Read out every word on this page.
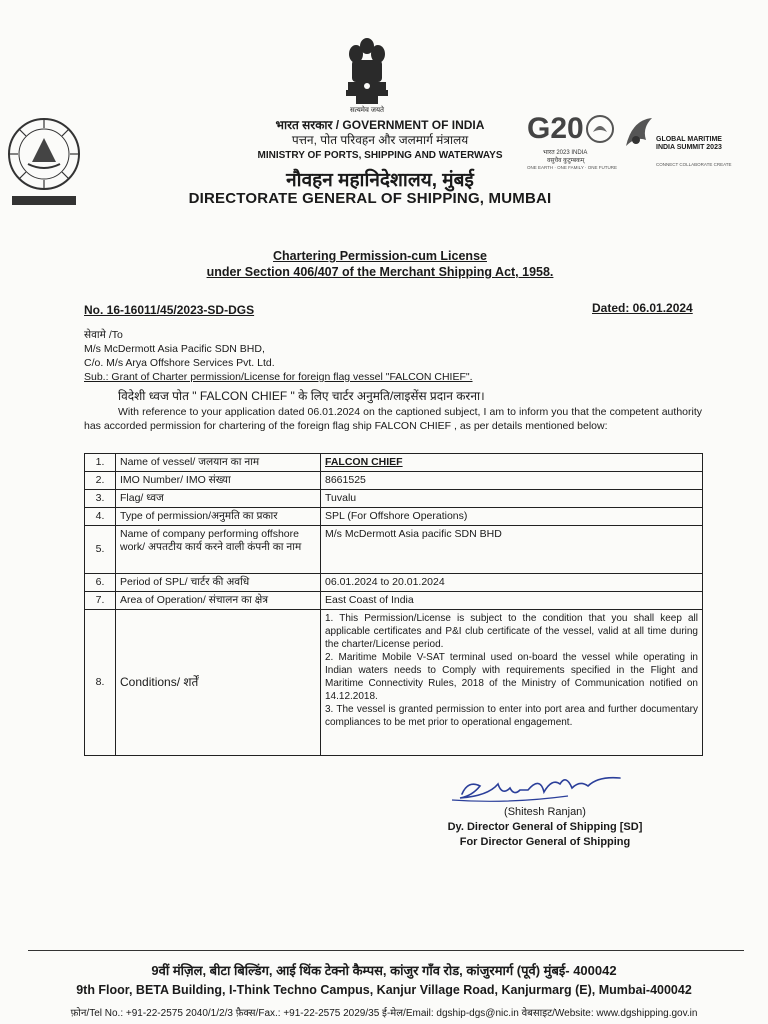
सत्यमेव जयते
भारत सरकार / GOVERNMENT OF INDIA
पत्तन, पोत परिवहन और जलमार्ग मंत्रालय
MINISTRY OF PORTS, SHIPPING AND WATERWAYS
नौवहन महानिदेशालय, मुंबई
DIRECTORATE GENERAL OF SHIPPING, MUMBAI
G20
भारत 2023 INDIA
वसुधैव कुटुम्बकम्
ONE EARTH · ONE FAMILY · ONE FUTURE
GLOBAL MARITIME
INDIA SUMMIT 2023
CONNECT COLLABORATE CREATE
Chartering Permission-cum License
under Section 406/407 of the Merchant Shipping Act, 1958.
No. 16-16011/45/2023-SD-DGS	Dated: 06.01.2024
सेवामे /To
M/s McDermott Asia Pacific SDN BHD,
C/o. M/s Arya Offshore Services Pvt. Ltd.
Sub.: Grant of Charter permission/License for foreign flag vessel "FALCON CHIEF".
विदेशी ध्वज पोत " FALCON CHIEF " के लिए चार्टर अनुमति/लाइसेंस प्रदान करना।
With reference to your application dated 06.01.2024 on the captioned subject, I am to inform you that the competent authority has accorded permission for chartering of the foreign flag ship FALCON CHIEF , as per details mentioned below:
1.	Name of vessel/ जलयान का नाम	FALCON CHIEF
2.	IMO Number/ IMO संख्या	8661525
3.	Flag/ ध्वज	Tuvalu
4.	Type of permission/अनुमति का प्रकार	SPL (For Offshore Operations)
5.	Name of company performing offshore work/ अपतटीय कार्य करने वाली कंपनी का नाम	M/s McDermott Asia pacific SDN BHD
6.	Period of SPL/ चार्टर की अवधि	06.01.2024 to 20.01.2024
7.	Area of Operation/ संचालन का क्षेत्र	East Coast of India
8.	Conditions/ शर्तें	1. This Permission/License is subject to the condition that you shall keep all applicable certificates and P&I club certificate of the vessel, valid at all time during the charter/License period.
2. Maritime Mobile V-SAT terminal used on-board the vessel while operating in Indian waters needs to Comply with requirements specified in the Flight and Maritime Connectivity Rules, 2018 of the Ministry of Communication notified on 14.12.2018.
3. The vessel is granted permission to enter into port area and further documentary compliances to be met prior to operational engagement.
(Shitesh Ranjan)
Dy. Director General of Shipping [SD]
For Director General of Shipping
9वीं मंज़िल, बीटा बिल्डिंग, आई थिंक टेक्नो कैम्पस, कांजुर गाँव रोड, कांजुरमार्ग (पूर्व) मुंबई- 400042
9th Floor, BETA Building, I-Think Techno Campus, Kanjur Village Road, Kanjurmarg (E), Mumbai-400042
फ़ोन/Tel No.: +91-22-2575 2040/1/2/3 फ़ैक्स/Fax.: +91-22-2575 2029/35 ई-मेल/Email: dgship-dgs@nic.in वेबसाइट/Website: www.dgshipping.gov.in
